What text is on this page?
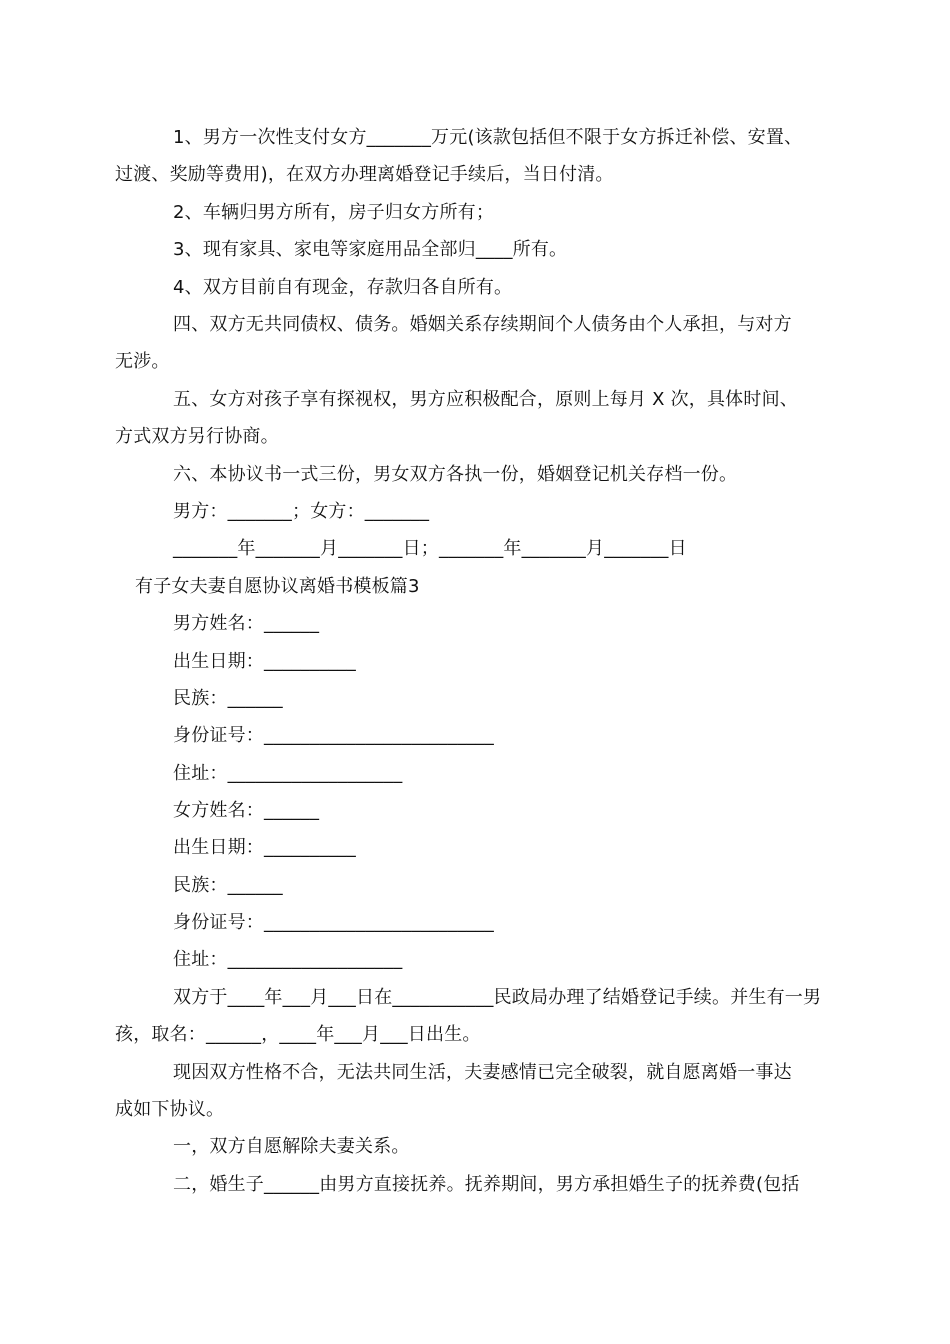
1、男方一次性支付女方_______万元(该款包括但不限于女方拆迁补偿、安置、
过渡、奖励等费用)，在双方办理离婚登记手续后，当日付清。
2、车辆归男方所有，房子归女方所有；
3、现有家具、家电等家庭用品全部归____所有。
4、双方目前自有现金，存款归各自所有。
四、双方无共同债权、债务。婚姻关系存续期间个人债务由个人承担，与对方
无涉。
五、女方对孩子享有探视权，男方应积极配合，原则上每月 X 次，具体时间、
方式双方另行协商。
六、本协议书一式三份，男女双方各执一份，婚姻登记机关存档一份。
男方：_______；女方：_______
_______年_______月_______日；_______年_______月_______日
有子女夫妻自愿协议离婚书模板篇3
男方姓名：______
出生日期：__________
民族：______
身份证号：_________________________
住址：___________________
女方姓名：______
出生日期：__________
民族：______
身份证号：_________________________
住址：___________________
双方于____年___月___日在___________民政局办理了结婚登记手续。并生有一男
孩，取名：______，____年___月___日出生。
现因双方性格不合，无法共同生活，夫妻感情已完全破裂，就自愿离婚一事达
成如下协议。
一，双方自愿解除夫妻关系。
二，婚生子______由男方直接抚养。抚养期间，男方承担婚生子的抚养费(包括
